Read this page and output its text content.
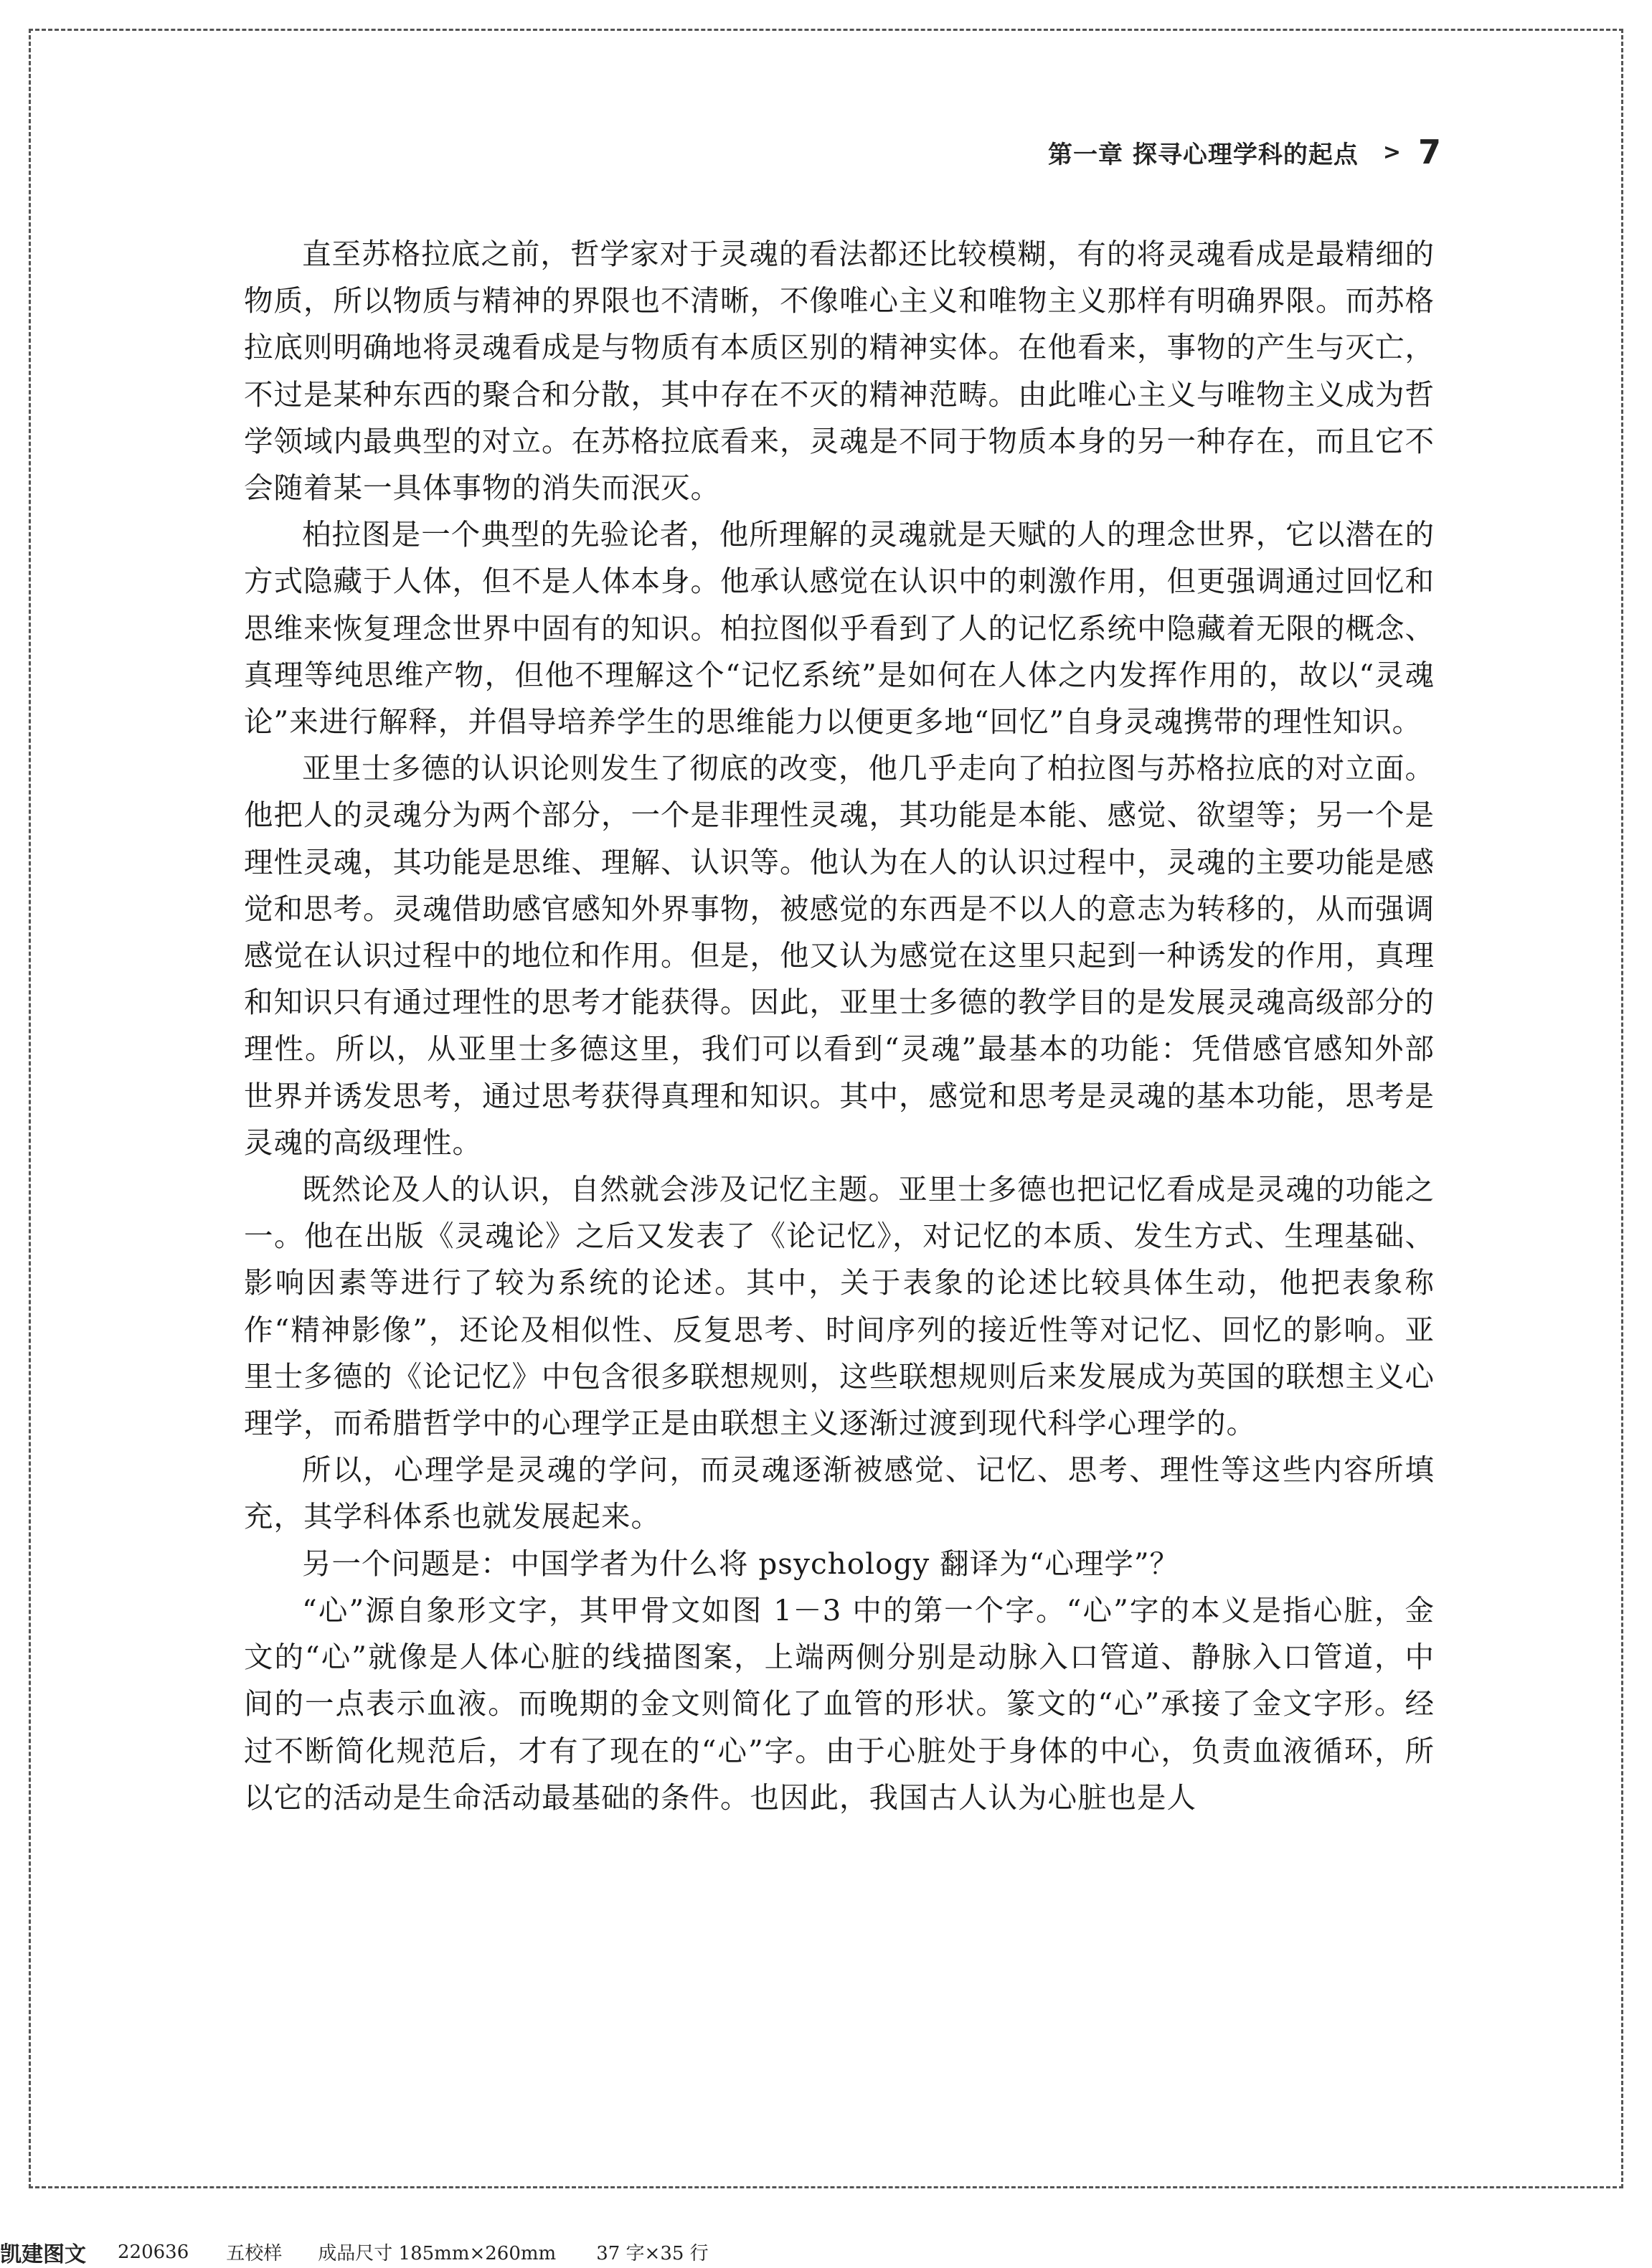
第一章 探寻心理学科的起点 > 7

直至苏格拉底之前，哲学家对于灵魂的看法都还比较模糊，有的将灵魂看成是最精细的物质，所以物质与精神的界限也不清晰，不像唯心主义和唯物主义那样有明确界限。而苏格拉底则明确地将灵魂看成是与物质有本质区别的精神实体。在他看来，事物的产生与灭亡，不过是某种东西的聚合和分散，其中存在不灭的精神范畴。由此唯心主义与唯物主义成为哲学领域内最典型的对立。在苏格拉底看来，灵魂是不同于物质本身的另一种存在，而且它不会随着某一具体事物的消失而泯灭。

柏拉图是一个典型的先验论者，他所理解的灵魂就是天赋的人的理念世界，它以潜在的方式隐藏于人体，但不是人体本身。他承认感觉在认识中的刺激作用，但更强调通过回忆和思维来恢复理念世界中固有的知识。柏拉图似乎看到了人的记忆系统中隐藏着无限的概念、真理等纯思维产物，但他不理解这个“记忆系统”是如何在人体之内发挥作用的，故以“灵魂论”来进行解释，并倡导培养学生的思维能力以便更多地“回忆”自身灵魂携带的理性知识。

亚里士多德的认识论则发生了彻底的改变，他几乎走向了柏拉图与苏格拉底的对立面。他把人的灵魂分为两个部分，一个是非理性灵魂，其功能是本能、感觉、欲望等；另一个是理性灵魂，其功能是思维、理解、认识等。他认为在人的认识过程中，灵魂的主要功能是感觉和思考。灵魂借助感官感知外界事物，被感觉的东西是不以人的意志为转移的，从而强调感觉在认识过程中的地位和作用。但是，他又认为感觉在这里只起到一种诱发的作用，真理和知识只有通过理性的思考才能获得。因此，亚里士多德的教学目的是发展灵魂高级部分的理性。所以，从亚里士多德这里，我们可以看到“灵魂”最基本的功能：凭借感官感知外部世界并诱发思考，通过思考获得真理和知识。其中，感觉和思考是灵魂的基本功能，思考是灵魂的高级理性。

既然论及人的认识，自然就会涉及记忆主题。亚里士多德也把记忆看成是灵魂的功能之一。他在出版《灵魂论》之后又发表了《论记忆》，对记忆的本质、发生方式、生理基础、影响因素等进行了较为系统的论述。其中，关于表象的论述比较具体生动，他把表象称作“精神影像”，还论及相似性、反复思考、时间序列的接近性等对记忆、回忆的影响。亚里士多德的《论记忆》中包含很多联想规则，这些联想规则后来发展成为英国的联想主义心理学，而希腊哲学中的心理学正是由联想主义逐渐过渡到现代科学心理学的。

所以，心理学是灵魂的学问，而灵魂逐渐被感觉、记忆、思考、理性等这些内容所填充，其学科体系也就发展起来。

另一个问题是：中国学者为什么将 psychology 翻译为“心理学”？

“心”源自象形文字，其甲骨文如图 1－3 中的第一个字。“心”字的本义是指心脏，金文的“心”就像是人体心脏的线描图案，上端两侧分别是动脉入口管道、静脉入口管道，中间的一点表示血液。而晚期的金文则简化了血管的形状。篆文的“心”承接了金文字形。经过不断简化规范后，才有了现在的“心”字。由于心脏处于身体的中心，负责血液循环，所以它的活动是生命活动最基础的条件。也因此，我国古人认为心脏也是人

凯建图文 220636 五校样 成品尺寸 185mm×260mm 37 字×35 行
